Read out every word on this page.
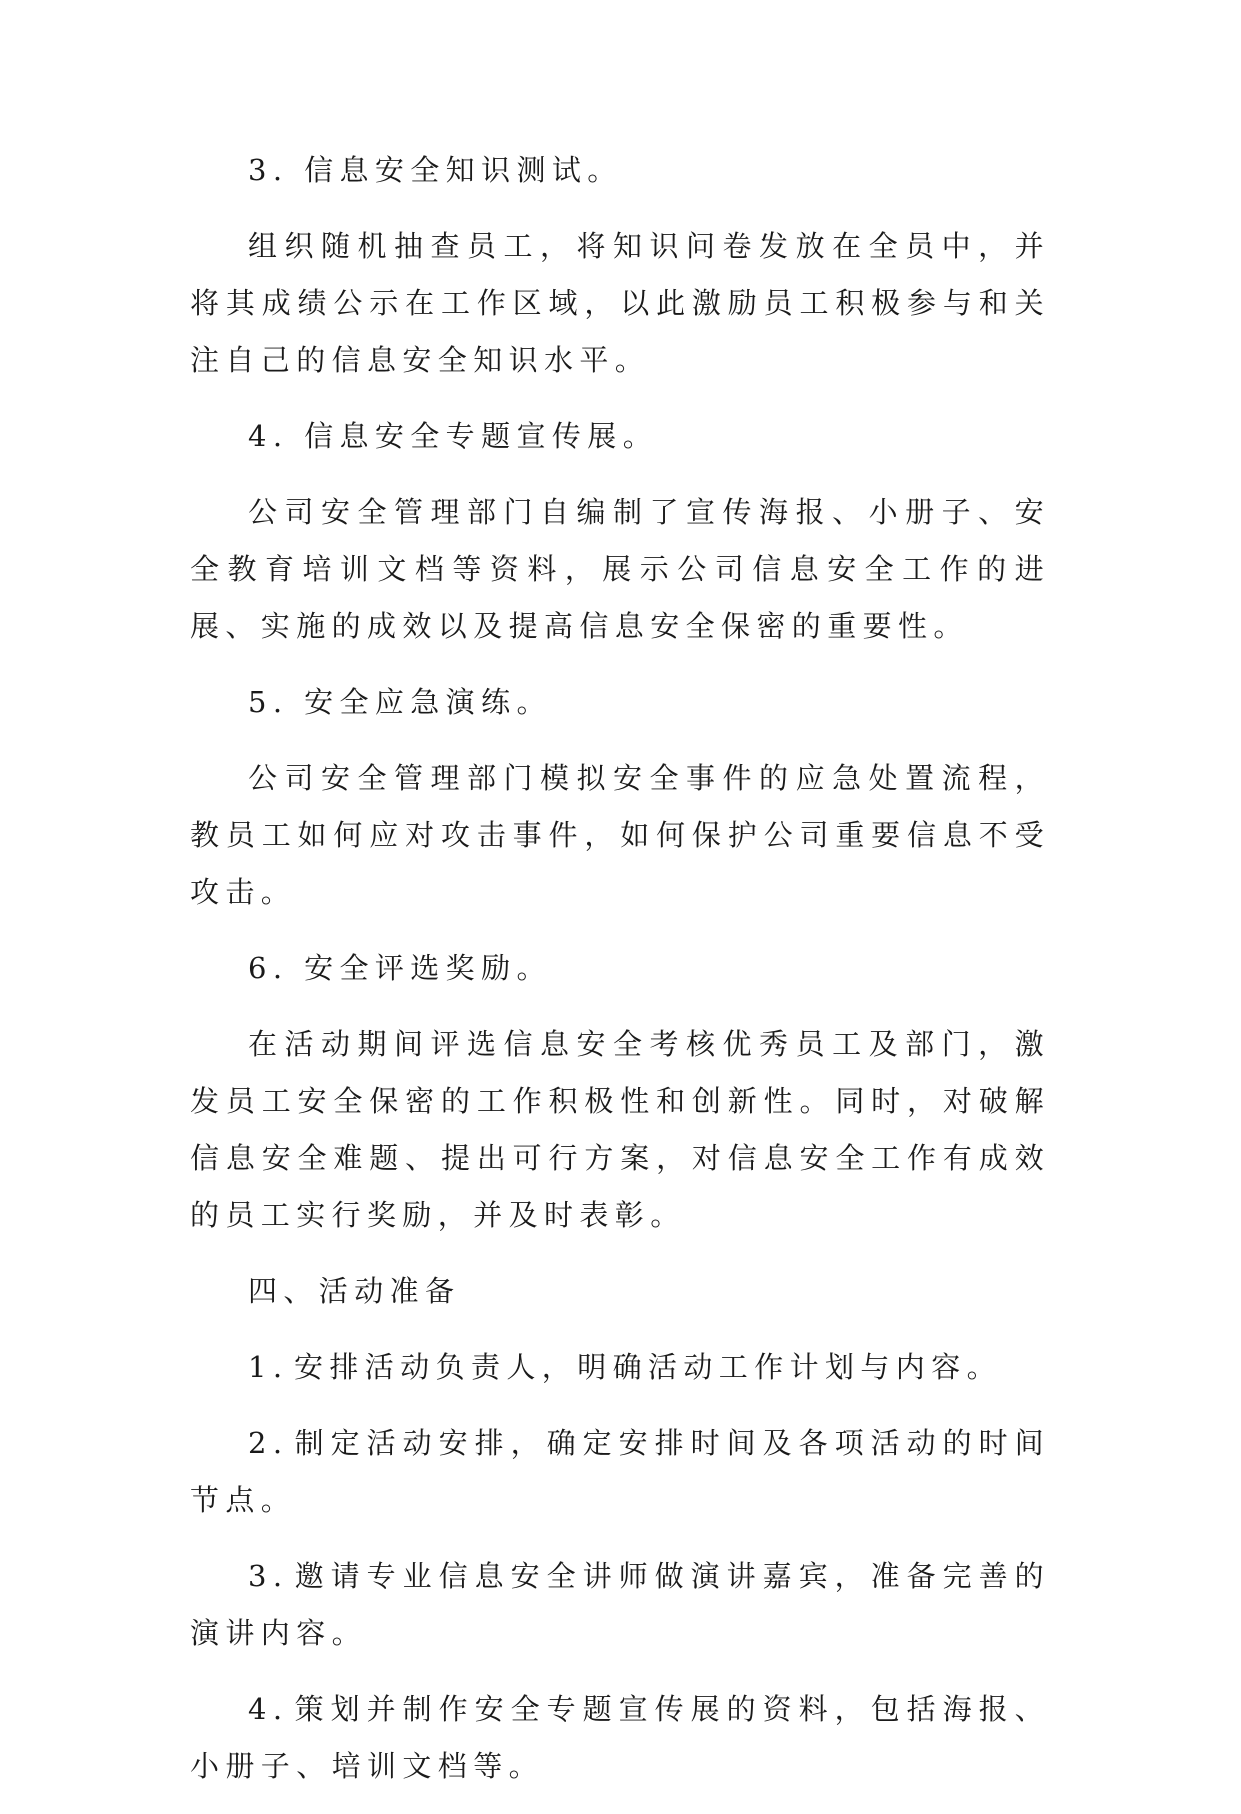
3. 信息安全知识测试。

组织随机抽查员工，将知识问卷发放在全员中，并将其成绩公示在工作区域，以此激励员工积极参与和关注自己的信息安全知识水平。

4. 信息安全专题宣传展。

公司安全管理部门自编制了宣传海报、小册子、安全教育培训文档等资料，展示公司信息安全工作的进展、实施的成效以及提高信息安全保密的重要性。

5. 安全应急演练。

公司安全管理部门模拟安全事件的应急处置流程，教员工如何应对攻击事件，如何保护公司重要信息不受攻击。

6. 安全评选奖励。

在活动期间评选信息安全考核优秀员工及部门，激发员工安全保密的工作积极性和创新性。同时，对破解信息安全难题、提出可行方案，对信息安全工作有成效的员工实行奖励，并及时表彰。

四、活动准备

1. 安排活动负责人，明确活动工作计划与内容。

2. 制定活动安排，确定安排时间及各项活动的时间节点。

3. 邀请专业信息安全讲师做演讲嘉宾，准备完善的演讲内容。

4. 策划并制作安全专题宣传展的资料，包括海报、小册子、培训文档等。
